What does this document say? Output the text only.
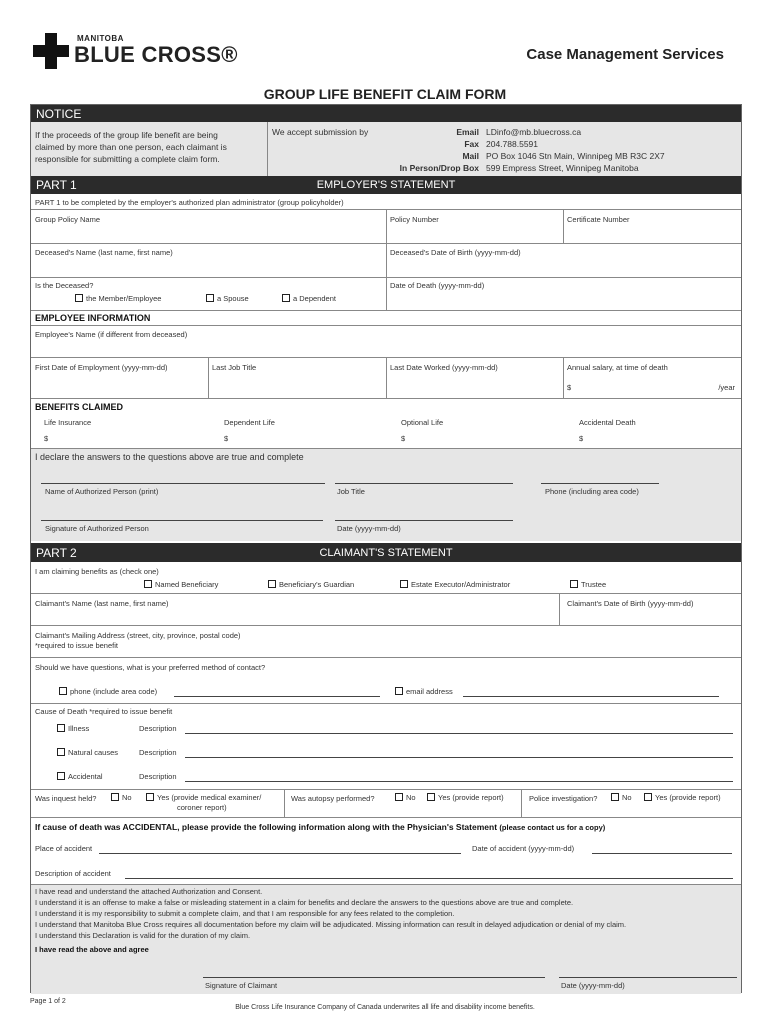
MANITOBA
BLUE CROSS®	Case Management Services
GROUP LIFE BENEFIT CLAIM FORM
NOTICE
If the proceeds of the group life benefit are being
claimed by more than one person, each claimant is
responsible for submitting a complete claim form.
We accept submission by	Email LDinfo@mb.bluecross.ca
Fax 204.788.5591
Mail PO Box 1046 Stn Main, Winnipeg MB R3C 2X7
In Person/Drop Box 599 Empress Street, Winnipeg Manitoba
PART 1	EMPLOYER'S STATEMENT
PART 1 to be completed by the employer's authorized plan administrator (group policyholder)
Group Policy Name	Policy Number	Certificate Number
Deceased's Name (last name, first name)	Deceased's Date of Birth (yyyy-mm-dd)
Is the Deceased?
the Member/Employee	a Spouse	a Dependent
Date of Death (yyyy-mm-dd)
EMPLOYEE INFORMATION
Employee's Name (if different from deceased)
First Date of Employment (yyyy-mm-dd)	Last Job Title	Last Date Worked (yyyy-mm-dd)	Annual salary, at time of death
$	/year
BENEFITS CLAIMED
Life Insurance
$
Dependent Life
$
Optional Life
$
Accidental Death
$
I declare the answers to the questions above are true and complete
Name of Authorized Person (print)	Job Title	Phone (including area code)
Signature of Authorized Person	Date (yyyy-mm-dd)
PART 2	CLAIMANT'S STATEMENT
I am claiming benefits as (check one)
Named Beneficiary	Beneficiary's Guardian	Estate Executor/Administrator	Trustee
Claimant's Name (last name, first name)	Claimant's Date of Birth (yyyy-mm-dd)
Claimant's Mailing Address (street, city, province, postal code)
*required to issue benefit
Should we have questions, what is your preferred method of contact?
phone (include area code)	email address
Cause of Death *required to issue benefit
Illness	Description
Natural causes	Description
Accidental	Description
Was inquest held?	No	Yes (provide medical examiner/
coroner report)
Was autopsy performed?	No	Yes (provide report)	Police investigation?	No	Yes (provide report)
If cause of death was ACCIDENTAL, please provide the following information along with the Physician's Statement (please contact us for a copy)
Place of accident	Date of accident (yyyy-mm-dd)
Description of accident
I have read and understand the attached Authorization and Consent.
I understand it is an offense to make a false or misleading statement in a claim for benefits and declare the answers to the questions above are true and complete.
I understand it is my responsibility to submit a complete claim, and that I am responsible for any fees related to the completion.
I understand that Manitoba Blue Cross requires all documentation before my claim will be adjudicated. Missing information can result in delayed adjudication or denial of my claim.
I understand this Declaration is valid for the duration of my claim.
I have read the above and agree
Signature of Claimant	Date (yyyy-mm-dd)
Page 1 of 2
Blue Cross Life Insurance Company of Canada underwrites all life and disability income benefits.
